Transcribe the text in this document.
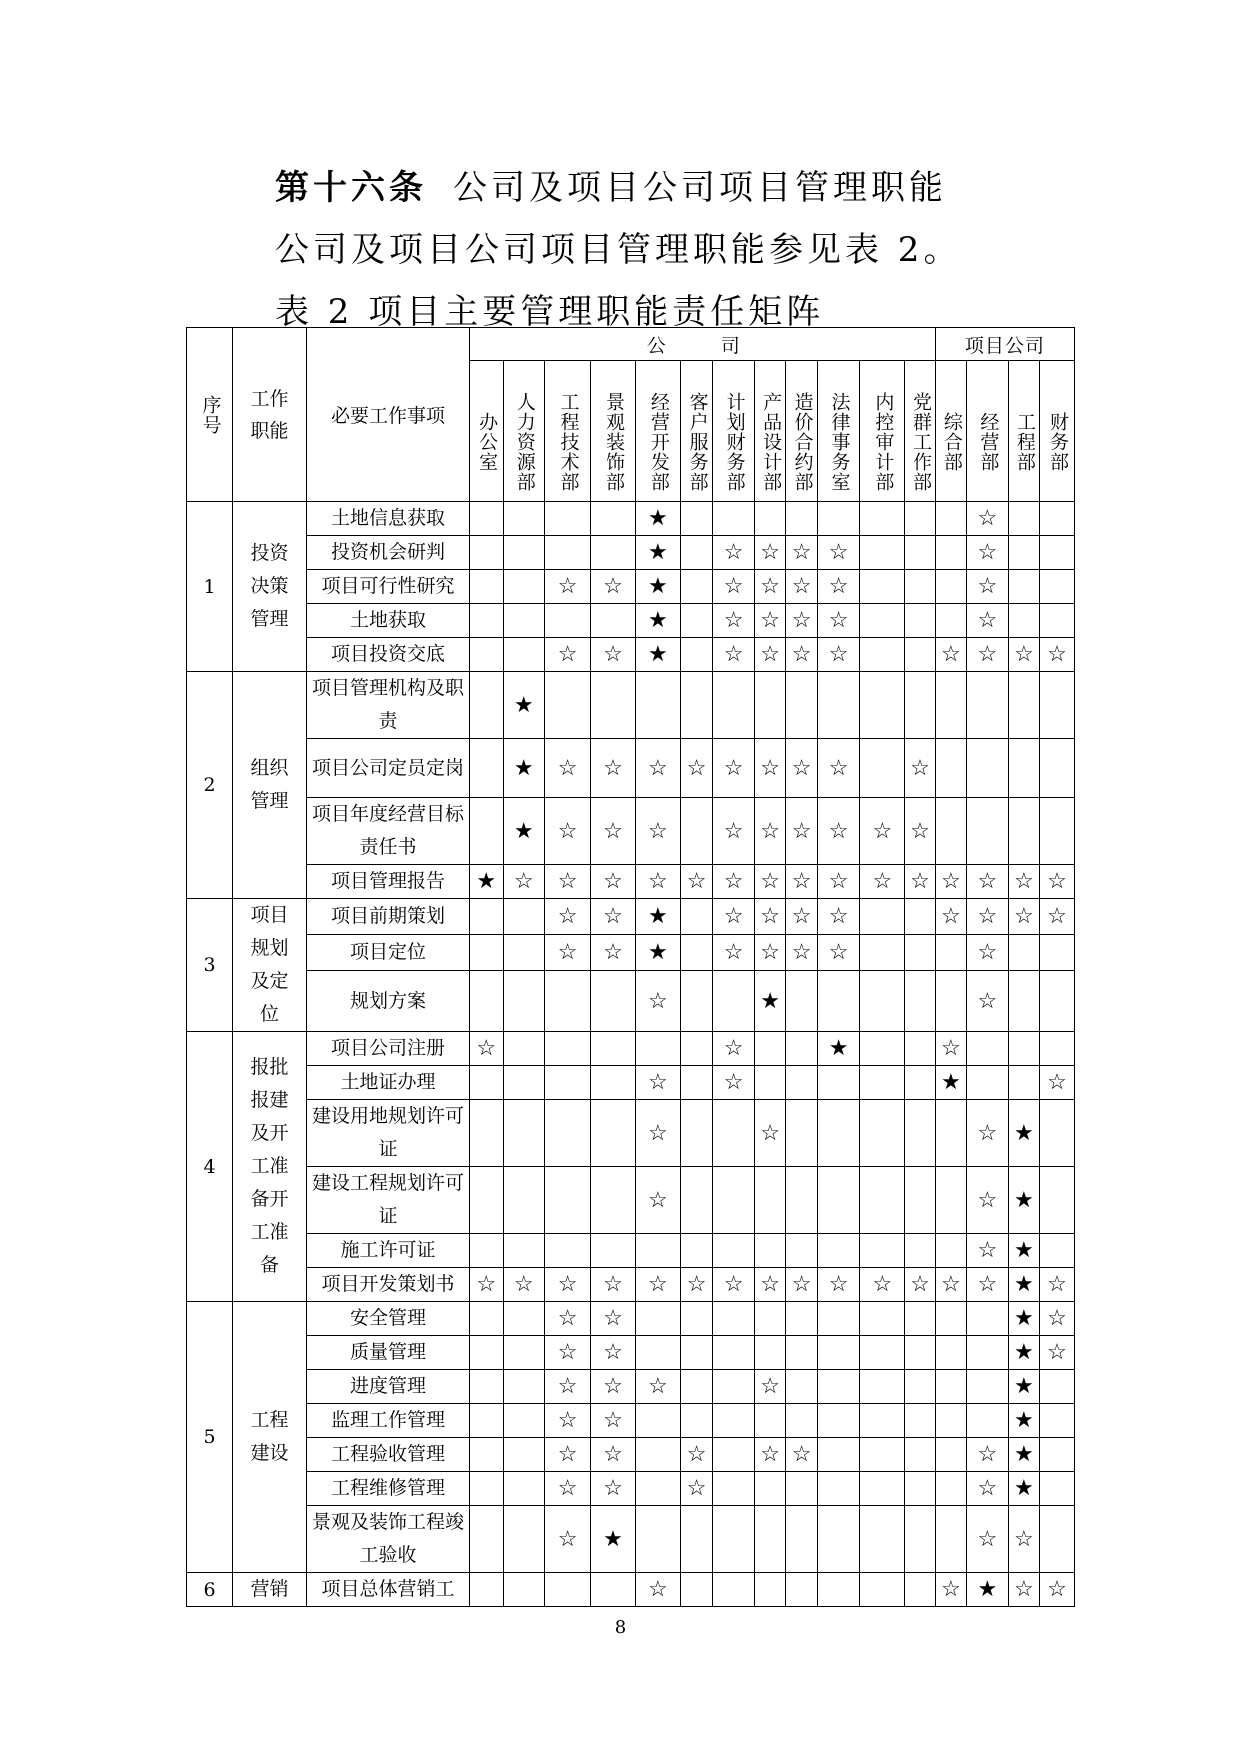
第十六条 公司及项目公司项目管理职能
公司及项目公司项目管理职能参见表 2。
表 2 项目主要管理职能责任矩阵
序号	工作职能	必要工作事项	公　司												项目公司			
			办公室	人力资源部	工程技术部	景观装饰部	经营开发部	客户服务部	计划财务部	产品设计部	造价合约部	法律事务室	内控审计部	党群工作部	综合部	经营部	工程部	财务部
1	投资决策管理	土地信息获取					★									☆		
		投资机会研判					★		☆	☆	☆	☆				☆		
		项目可行性研究			☆	☆	★		☆	☆	☆	☆				☆		
		土地获取					★		☆	☆	☆	☆				☆		
		项目投资交底			☆	☆	★		☆	☆	☆	☆			☆	☆	☆	☆
2	组织管理	项目管理机构及职责		★														
		项目公司定员定岗		★	☆	☆	☆	☆	☆	☆	☆	☆		☆				
		项目年度经营目标责任书		★	☆	☆	☆		☆	☆	☆	☆	☆	☆				
		项目管理报告	★	☆	☆	☆	☆	☆	☆	☆	☆	☆	☆	☆	☆	☆	☆	☆
3	项目规划及定位	项目前期策划			☆	☆	★		☆	☆	☆	☆			☆	☆	☆	☆
		项目定位			☆	☆	★		☆	☆	☆	☆				☆		
		规划方案					☆			★						☆		
4	报批报建及开工准备开工准备	项目公司注册	☆						☆			★			☆			
		土地证办理					☆		☆						★			☆
		建设用地规划许可证					☆			☆						☆	★	
		建设工程规划许可证					☆									☆	★	
		施工许可证														☆	★	
		项目开发策划书	☆	☆	☆	☆	☆	☆	☆	☆	☆	☆	☆	☆	☆	☆	★	☆
5	工程建设	安全管理			☆	☆											★	☆
		质量管理			☆	☆											★	☆
		进度管理			☆	☆	☆			☆							★	
		监理工作管理			☆	☆											★	
		工程验收管理			☆	☆		☆		☆	☆					☆	★	
		工程维修管理			☆	☆		☆								☆	★	
		景观及装饰工程竣工验收			☆	★										☆	☆	
6	营销	项目总体营销工					☆								☆	★	☆	☆
8
